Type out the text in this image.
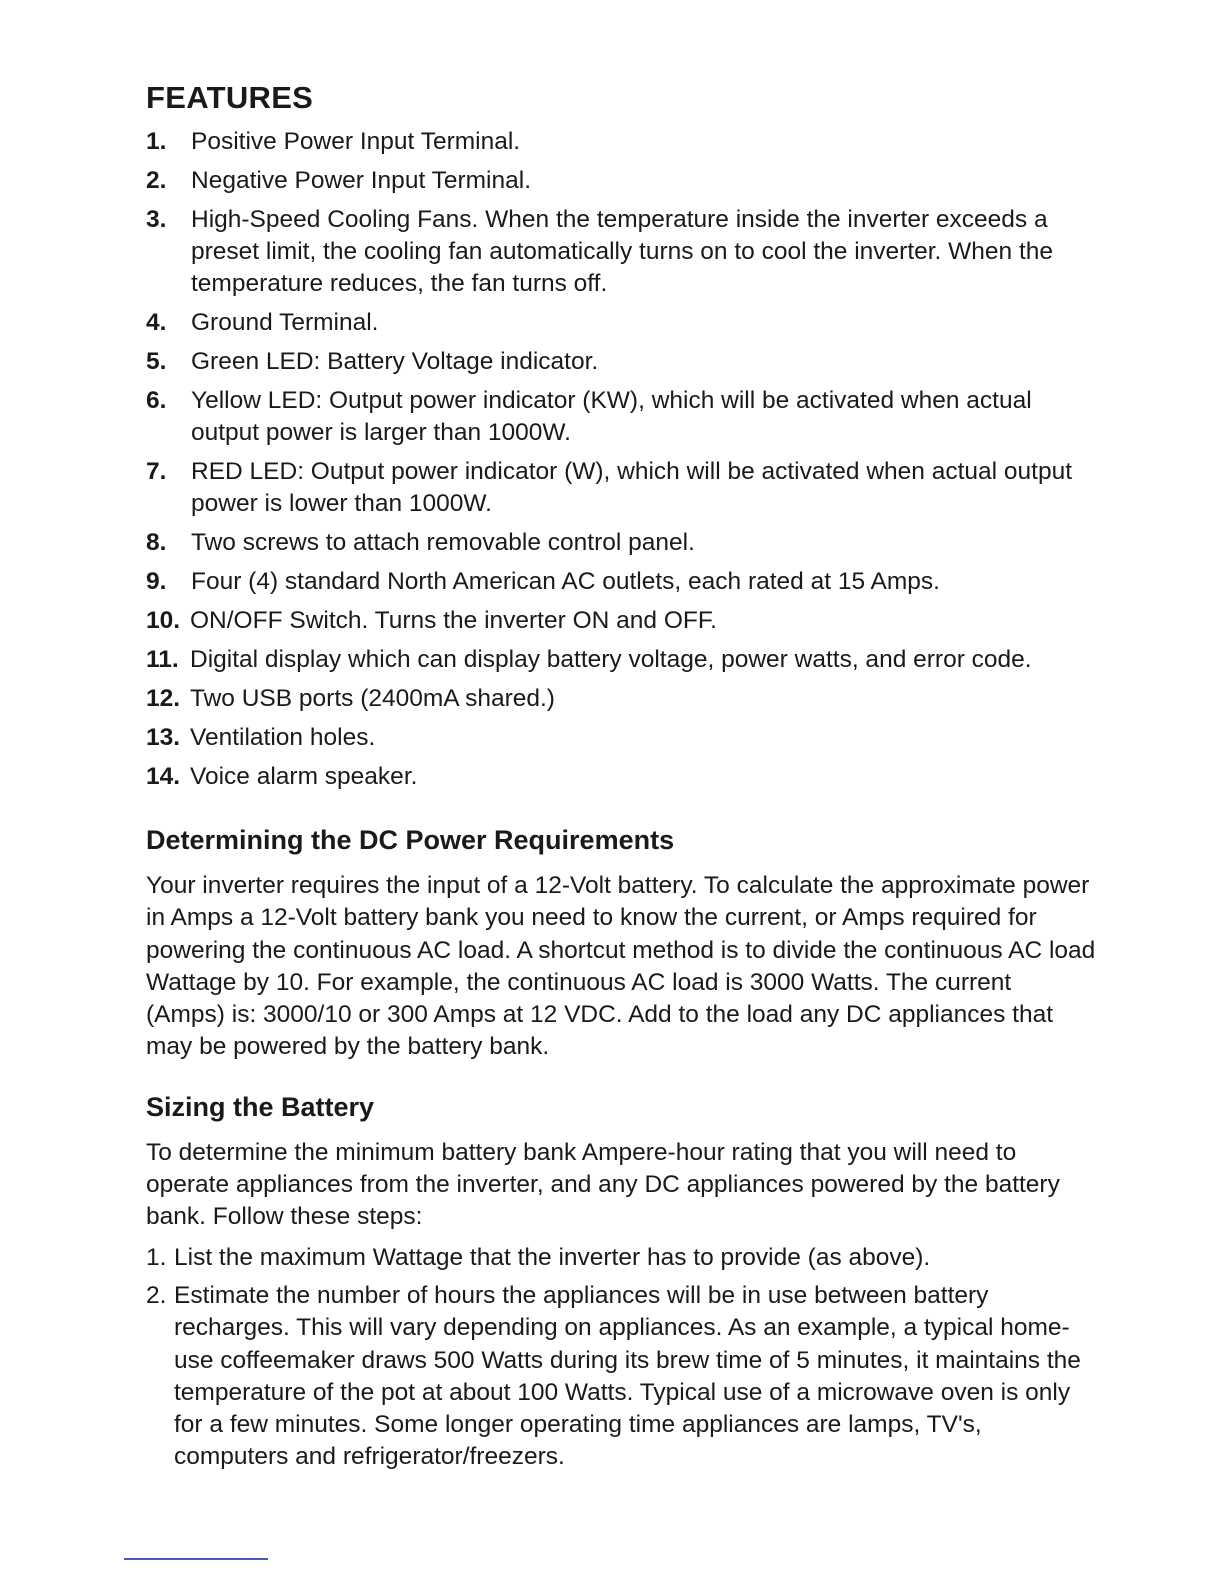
FEATURES
1.	Positive Power Input Terminal.
2.	Negative Power Input Terminal.
3.	High-Speed Cooling Fans. When the temperature inside the inverter exceeds a preset limit, the cooling fan automatically turns on to cool the inverter. When the temperature reduces, the fan turns off.
4.	Ground Terminal.
5.	Green LED: Battery Voltage indicator.
6.	Yellow LED: Output power indicator (KW), which will be activated when actual output power is larger than 1000W.
7.	RED LED: Output power indicator (W), which will be activated when actual output power is lower than 1000W.
8.	Two screws to attach removable control panel.
9.	Four (4) standard North American AC outlets, each rated at 15 Amps.
10. ON/OFF Switch. Turns the inverter ON and OFF.
11. Digital display which can display battery voltage, power watts, and error code.
12. Two USB ports (2400mA shared.)
13. Ventilation holes.
14. Voice alarm speaker.
Determining the DC Power Requirements

Your inverter requires the input of a 12-Volt battery. To calculate the approximate power in Amps a 12-Volt battery bank you need to know the current, or Amps required for powering the continuous AC load. A shortcut method is to divide the continuous AC load Wattage by 10. For example, the continuous AC load is 3000 Watts. The current (Amps) is: 3000/10 or 300 Amps at 12 VDC. Add to the load any DC appliances that may be powered by the battery bank.

Sizing the Battery

To determine the minimum battery bank Ampere-hour rating that you will need to operate appliances from the inverter, and any DC appliances powered by the battery bank. Follow these steps:

1. List the maximum Wattage that the inverter has to provide (as above).
2. Estimate the number of hours the appliances will be in use between battery recharges. This will vary depending on appliances. As an example, a typical home-use coffeemaker draws 500 Watts during its brew time of 5 minutes, it maintains the temperature of the pot at about 100 Watts. Typical use of a microwave oven is only for a few minutes. Some longer operating time appliances are lamps, TV's, computers and refrigerator/freezers.
